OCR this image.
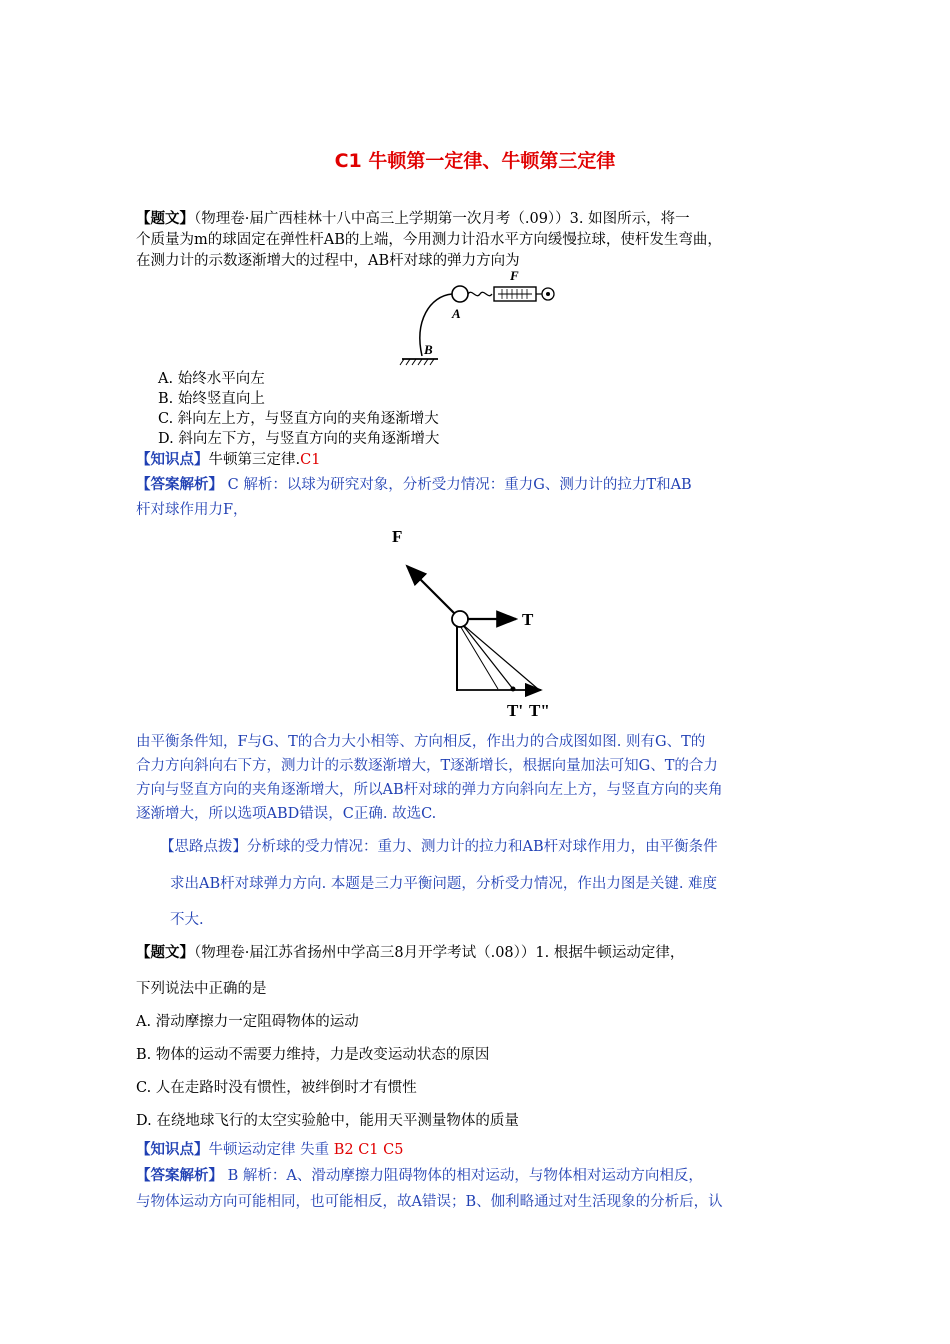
C1 牛顿第一定律、牛顿第三定律
【题文】（物理卷·届广西桂林十八中高三上学期第一次月考（.09））3. 如图所示，将一
个质量为m的球固定在弹性杆AB的上端，今用测力计沿水平方向缓慢拉球，使杆发生弯曲，
在测力计的示数逐渐增大的过程中，AB杆对球的弹力方向为
F
A
B
A. 始终水平向左
B. 始终竖直向上
C. 斜向左上方，与竖直方向的夹角逐渐增大
D. 斜向左下方，与竖直方向的夹角逐渐增大
【知识点】牛顿第三定律.C1
【答案解析】 C 解析：以球为研究对象，分析受力情况：重力G、测力计的拉力T和AB
杆对球作用力F，
F
T
T' T"
由平衡条件知，F与G、T的合力大小相等、方向相反，作出力的合成图如图. 则有G、T的
合力方向斜向右下方，测力计的示数逐渐增大，T逐渐增长，根据向量加法可知G、T的合力
方向与竖直方向的夹角逐渐增大，所以AB杆对球的弹力方向斜向左上方，与竖直方向的夹角
逐渐增大，所以选项ABD错误，C正确. 故选C.
【思路点拨】分析球的受力情况：重力、测力计的拉力和AB杆对球作用力，由平衡条件
求出AB杆对球弹力方向. 本题是三力平衡问题，分析受力情况，作出力图是关键. 难度
不大.
【题文】（物理卷·届江苏省扬州中学高三8月开学考试（.08））1. 根据牛顿运动定律，
下列说法中正确的是
A. 滑动摩擦力一定阻碍物体的运动
B. 物体的运动不需要力维持，力是改变运动状态的原因
C. 人在走路时没有惯性，被绊倒时才有惯性
D. 在绕地球飞行的太空实验舱中，能用天平测量物体的质量
【知识点】牛顿运动定律 失重 B2 C1 C5
【答案解析】 B 解析：A、滑动摩擦力阻碍物体的相对运动，与物体相对运动方向相反，
与物体运动方向可能相同，也可能相反，故A错误；B、伽利略通过对生活现象的分析后，认
